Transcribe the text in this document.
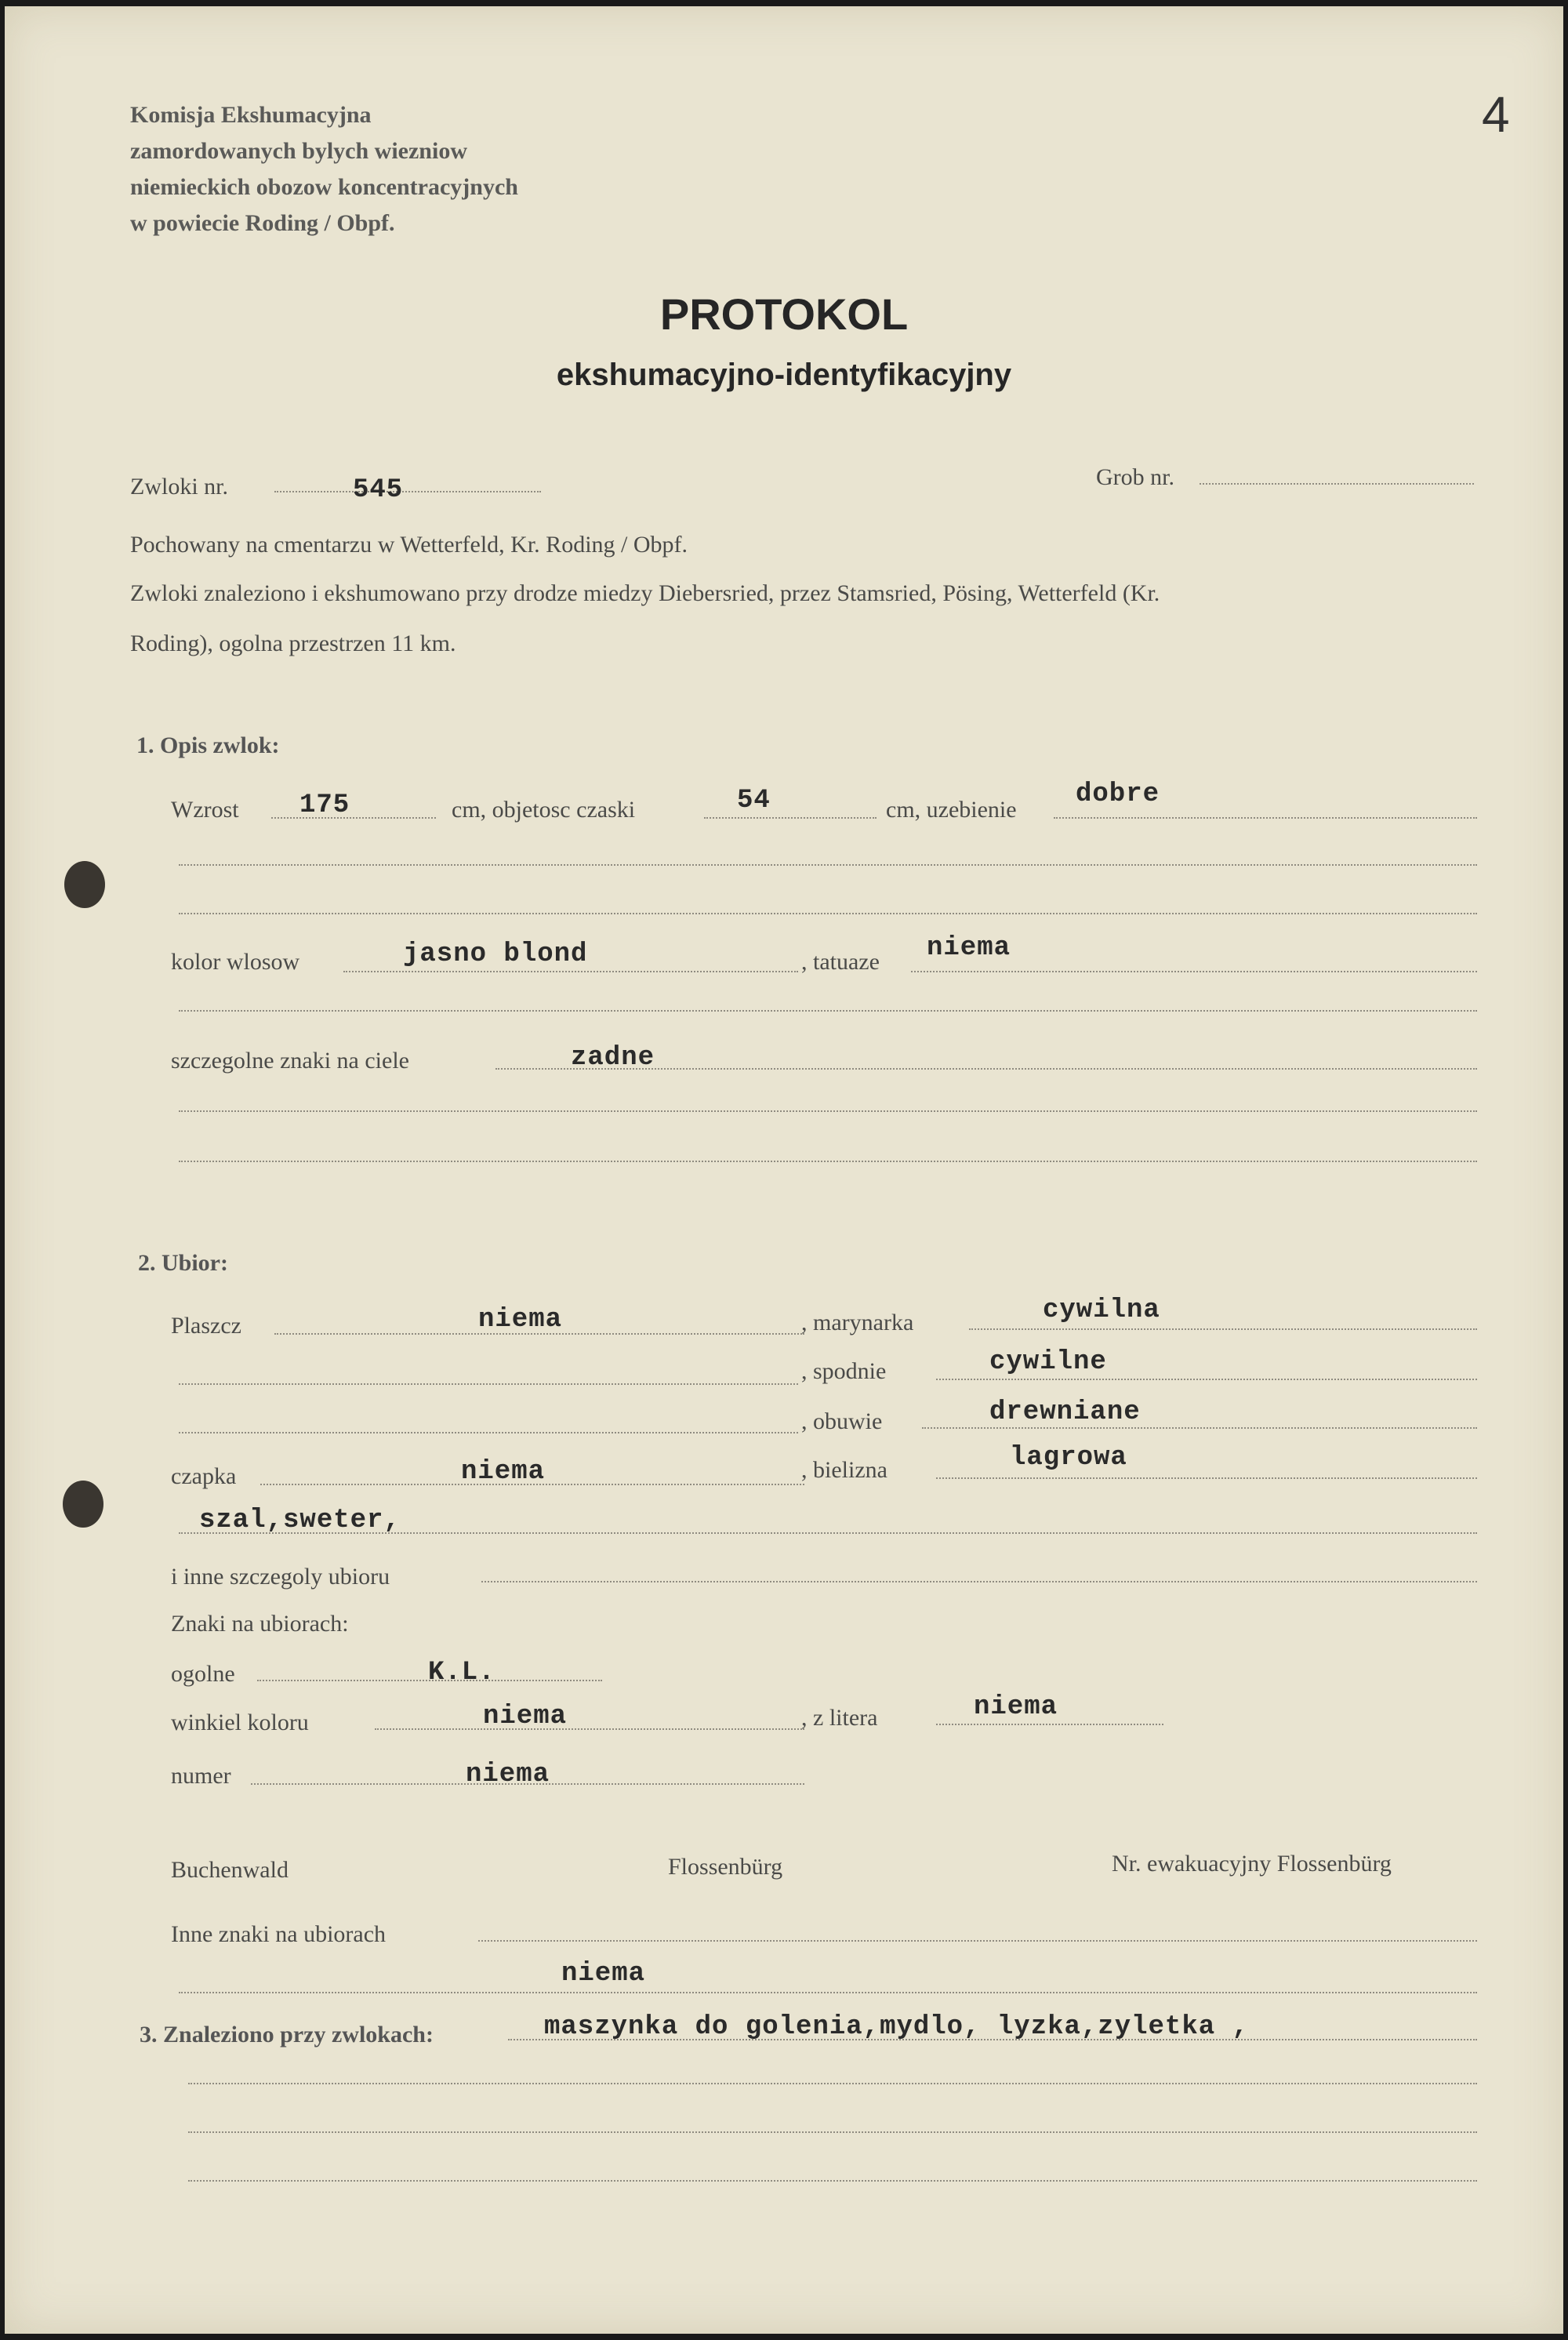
4
Komisja Ekshumacyjna
zamordowanych bylych wiezniow
niemieckich obozow koncentracyjnych
w powiecie Roding / Obpf.
PROTOKOL
ekshumacyjno-identyfikacyjny
Zwloki nr.	545	Grob nr.
Pochowany na cmentarzu w Wetterfeld, Kr. Roding / Obpf.
Zwloki znaleziono i ekshumowano przy drodze miedzy Diebersried, przez Stamsried, Pösing, Wetterfeld (Kr.
Roding), ogolna przestrzen 11 km.
1. Opis zwlok:
Wzrost 175	cm, objetosc czaski	54	cm, uzebienie
dobre
kolor wlosow	jasno blond	, tatuaze niema
szczegolne znaki na ciele	zadne
2. Ubior:
Plaszcz	niema	, marynarka	cywilna
, spodnie	cywilne
, obuwie	drewniane
czapka	niema	, bielizna	lagrowa
szal,sweter,
i inne szczegoly ubioru
Znaki na ubiorach:
ogolne	K.L.
winkiel koloru	niema	, z litera	niema
numer	niema
Buchenwald	Flossenbürg	Nr. ewakuacyjny Flossenbürg
Inne znaki na ubiorach
niema
3. Znaleziono przy zwlokach:	maszynka do golenia,mydlo, lyzka,zyletka ,
